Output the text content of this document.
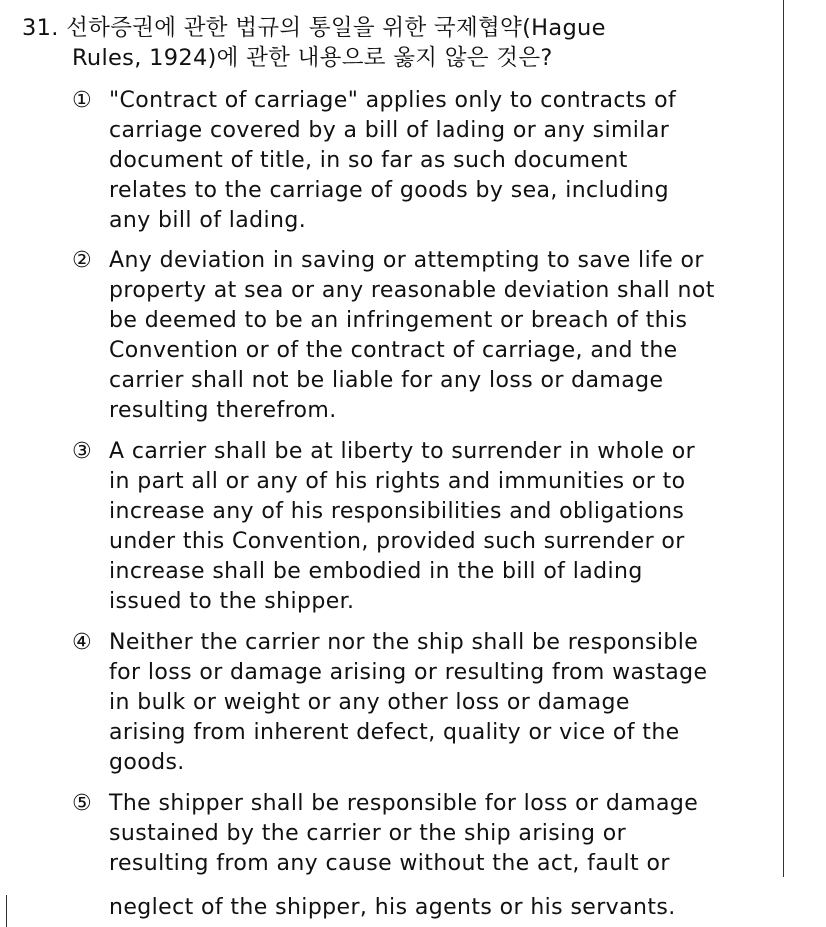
31. 선하증권에 관한 법규의 통일을 위한 국제협약(Hague
Rules, 1924)에 관한 내용으로 옳지 않은 것은?
① "Contract of carriage" applies only to contracts of
carriage covered by a bill of lading or any similar
document of title, in so far as such document
relates to the carriage of goods by sea, including
any bill of lading.
② Any deviation in saving or attempting to save life or
property at sea or any reasonable deviation shall not
be deemed to be an infringement or breach of this
Convention or of the contract of carriage, and the
carrier shall not be liable for any loss or damage
resulting therefrom.
③ A carrier shall be at liberty to surrender in whole or
in part all or any of his rights and immunities or to
increase any of his responsibilities and obligations
under this Convention, provided such surrender or
increase shall be embodied in the bill of lading
issued to the shipper.
④ Neither the carrier nor the ship shall be responsible
for loss or damage arising or resulting from wastage
in bulk or weight or any other loss or damage
arising from inherent defect, quality or vice of the
goods.
⑤ The shipper shall be responsible for loss or damage
sustained by the carrier or the ship arising or
resulting from any cause without the act, fault or
neglect of the shipper, his agents or his servants.
